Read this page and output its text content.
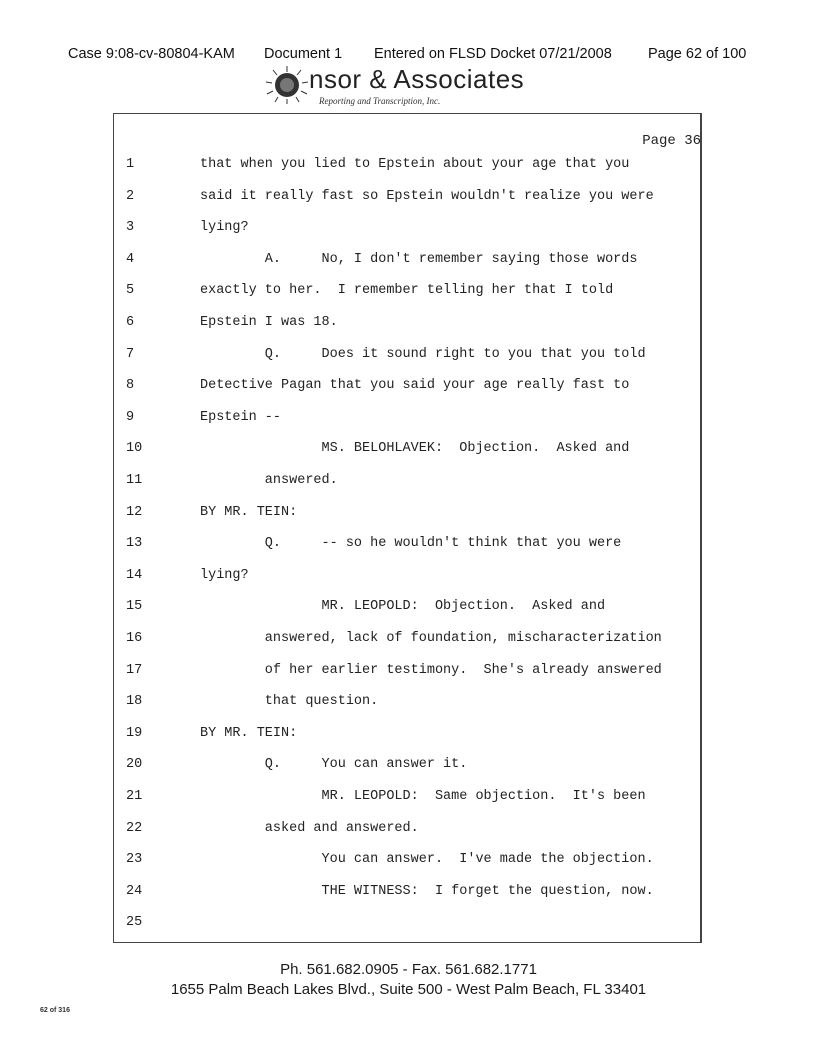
Case 9:08-cv-80804-KAM Document 1 Entered on FLSD Docket 07/21/2008 Page 62 of 100
nsor & Associates
Reporting and Transcription, Inc.
Page 36
1	that when you lied to Epstein about your age that you
2	said it really fast so Epstein wouldn't realize you were
3	lying?
4	A.     No, I don't remember saying those words
5	exactly to her.  I remember telling her that I told
6	Epstein I was 18.
7	Q.     Does it sound right to you that you told
8	Detective Pagan that you said your age really fast to
9	Epstein --
10	MS. BELOHLAVEK:  Objection.  Asked and
11	answered.
12	BY MR. TEIN:
13	Q.     -- so he wouldn't think that you were
14	lying?
15	MR. LEOPOLD:  Objection.  Asked and
16	answered, lack of foundation, mischaracterization
17	of her earlier testimony.  She's already answered
18	that question.
19	BY MR. TEIN:
20	Q.     You can answer it.
21	MR. LEOPOLD:  Same objection.  It's been
22	asked and answered.
23	You can answer.  I've made the objection.
24	THE WITNESS:  I forget the question, now.
25
Ph. 561.682.0905 - Fax. 561.682.1771
1655 Palm Beach Lakes Blvd., Suite 500 - West Palm Beach, FL 33401
62 of 316
